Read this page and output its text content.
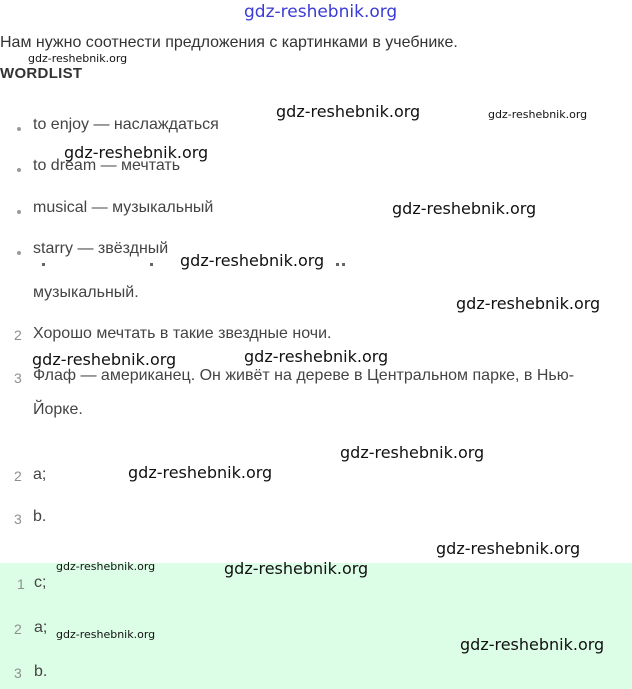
gdz-reshebnik.org
Нам нужно соотнести предложения с картинками в учебнике.
WORDLIST
to enjoy — наслаждаться
to dream — мечтать
musical — музыкальный
starry — звёздный
музыкальный.
2 Хорошо мечтать в такие звездные ночи.
3 Флаф — американец. Он живёт на дереве в Центральном парке, в Нью-
Йорке.
2 a;
3 b.
1 c;
2 a;
3 b.
gdz-reshebnik.org
gdz-reshebnik.org	gdz-reshebnik.org
gdz-reshebnik.org
gdz-reshebnik.org
gdz-reshebnik.org
gdz-reshebnik.org
gdz-reshebnik.org	gdz-reshebnik.org
gdz-reshebnik.org
gdz-reshebnik.org
gdz-reshebnik.org
gdz-reshebnik.org	gdz-reshebnik.org
gdz-reshebnik.org
gdz-reshebnik.org
